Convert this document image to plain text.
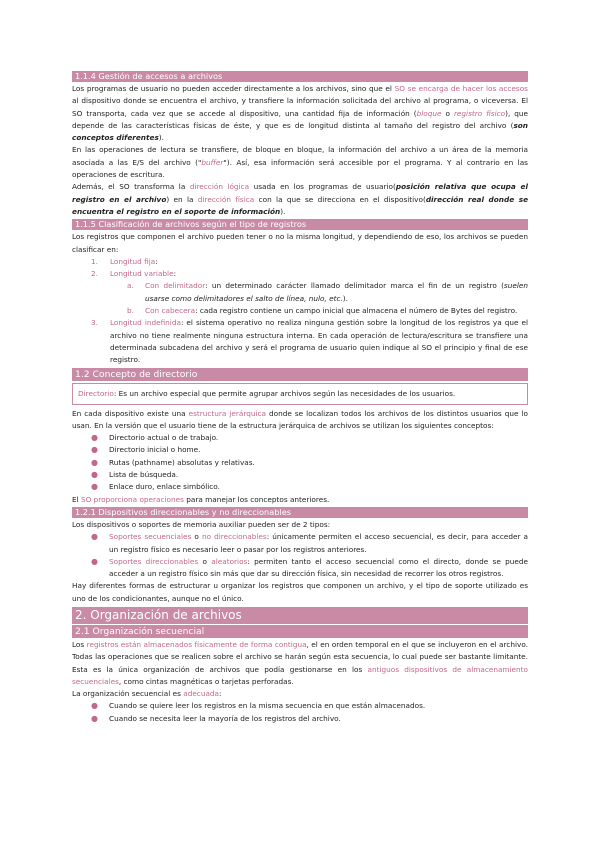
1.1.4 Gestión de accesos a archivos

Los programas de usuario no pueden acceder directamente a los archivos, sino que el SO se encarga de hacer los accesos al dispositivo donde se encuentra el archivo, y transfiere la información solicitada del archivo al programa, o viceversa. El SO transporta, cada vez que se accede al dispositivo, una cantidad fija de información (bloque o registro físico), que depende de las características físicas de éste, y que es de longitud distinta al tamaño del registro del archivo (son conceptos diferentes).

En las operaciones de lectura se transfiere, de bloque en bloque, la información del archivo a un área de la memoria asociada a las E/S del archivo ("buffer"). Así, esa información será accesible por el programa. Y al contrario en las operaciones de escritura.

Además, el SO transforma la dirección lógica usada en los programas de usuario(posición relativa que ocupa el registro en el archivo) en la dirección física con la que se direcciona en el dispositivo(dirección real donde se encuentra el registro en el soporte de información).

1.1.5 Clasificación de archivos según el tipo de registros

Los registros que componen el archivo pueden tener o no la misma longitud, y dependiendo de eso, los archivos se pueden clasificar en:

1. Longitud fija:
2. Longitud variable:
a. Con delimitador: un determinado carácter llamado delimitador marca el fin de un registro (suelen usarse como delimitadores el salto de línea, nulo, etc.).
b. Con cabecera: cada registro contiene un campo inicial que almacena el número de Bytes del registro.
3. Longitud indefinida: el sistema operativo no realiza ninguna gestión sobre la longitud de los registros ya que el archivo no tiene realmente ninguna estructura interna. En cada operación de lectura/escritura se transfiere una determinada subcadena del archivo y será el programa de usuario quien indique al SO el principio y final de ese registro.
1.2 Concepto de directorio

Directorio: Es un archivo especial que permite agrupar archivos según las necesidades de los usuarios.

En cada dispositivo existe una estructura jerárquica donde se localizan todos los archivos de los distintos usuarios que lo usan. En la versión que el usuario tiene de la estructura jerárquica de archivos se utilizan los siguientes conceptos:

● Directorio actual o de trabajo.
● Directorio inicial o home.
● Rutas (pathname) absolutas y relativas.
● Lista de búsqueda.
● Enlace duro, enlace simbólico.

El SO proporciona operaciones para manejar los conceptos anteriores.

1.2.1 Dispositivos direccionables y no direccionables

Los dispositivos o soportes de memoria auxiliar pueden ser de 2 tipos:

● Soportes secuenciales o no direccionables: únicamente permiten el acceso secuencial, es decir, para acceder a un registro físico es necesario leer o pasar por los registros anteriores.
● Soportes direccionables o aleatorios: permiten tanto el acceso secuencial como el directo, donde se puede acceder a un registro físico sin más que dar su dirección física, sin necesidad de recorrer los otros registros.

Hay diferentes formas de estructurar u organizar los registros que componen un archivo, y el tipo de soporte utilizado es uno de los condicionantes, aunque no el único.

2. Organización de archivos
2.1 Organización secuencial

Los registros están almacenados físicamente de forma contigua, el en orden temporal en el que se incluyeron en el archivo. Todas las operaciones que se realicen sobre el archivo se harán según esta secuencia, lo cual puede ser bastante limitante. Esta es la única organización de archivos que podía gestionarse en los antiguos dispositivos de almacenamiento secuenciales, como cintas magnéticas o tarjetas perforadas.

La organización secuencial es adecuada:

● Cuando se quiere leer los registros en la misma secuencia en que están almacenados.
● Cuando se necesita leer la mayoría de los registros del archivo.
